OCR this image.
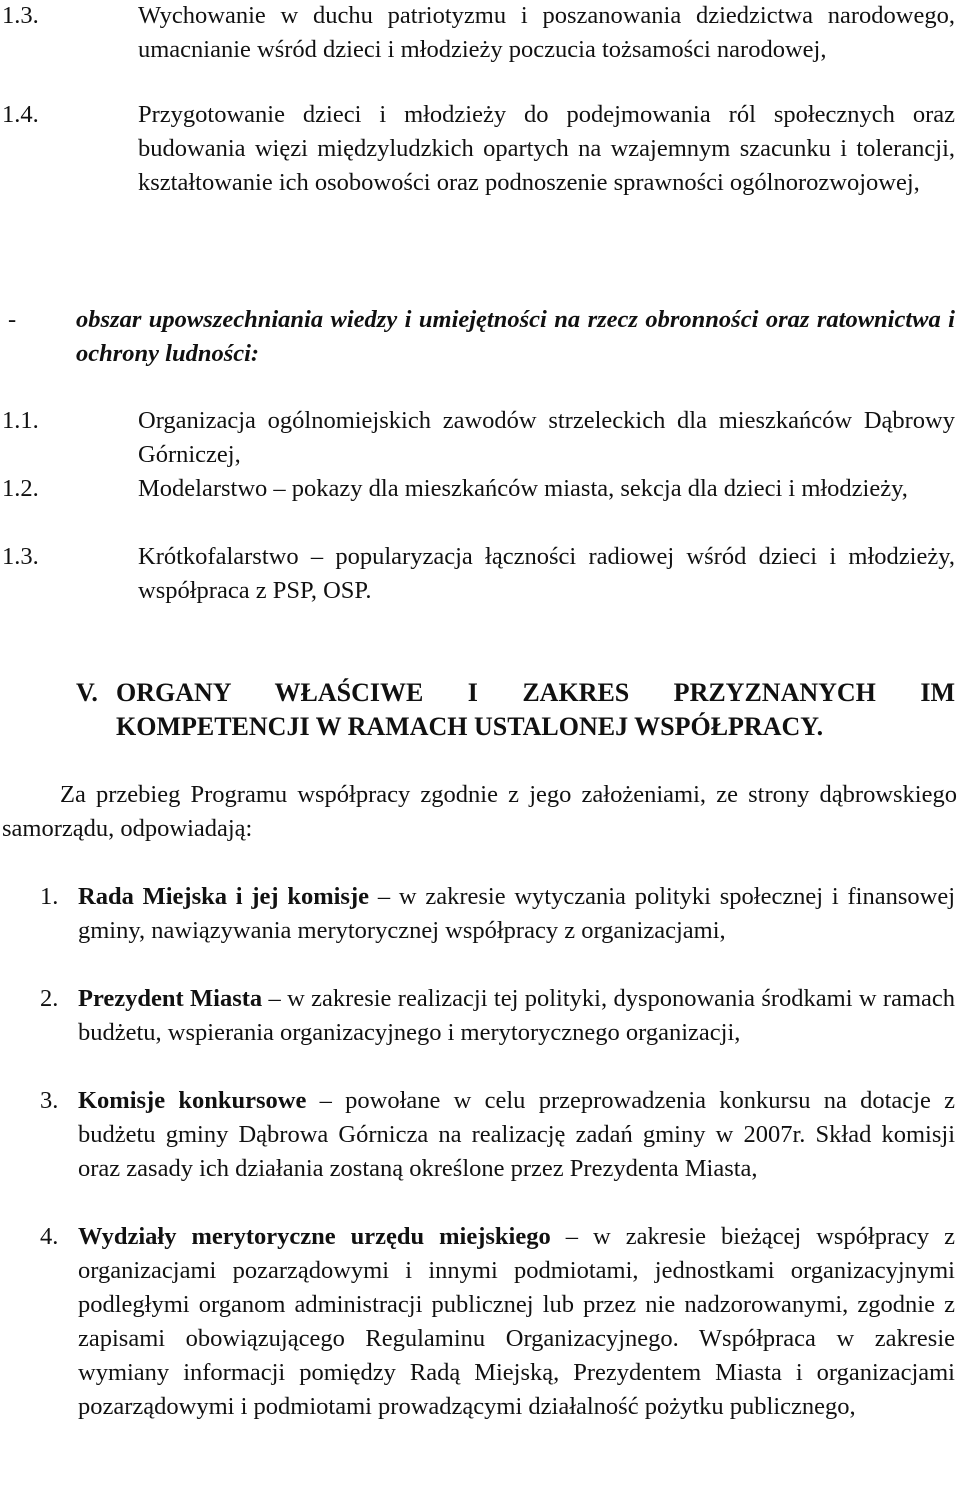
1.3.	Wychowanie w duchu patriotyzmu i poszanowania dziedzictwa narodowego, umacnianie wśród dzieci i młodzieży poczucia tożsamości narodowej,
1.4.	Przygotowanie dzieci i młodzieży do podejmowania ról społecznych oraz budowania więzi międzyludzkich opartych na wzajemnym szacunku i tolerancji, kształtowanie ich osobowości oraz podnoszenie sprawności ogólnorozwojowej,
- obszar upowszechniania wiedzy i umiejętności na rzecz obronności oraz ratownictwa i ochrony ludności:
1.1.	Organizacja ogólnomiejskich zawodów strzeleckich dla mieszkańców Dąbrowy Górniczej,
1.2.	Modelarstwo – pokazy dla mieszkańców miasta, sekcja dla dzieci i młodzieży,
1.3.	Krótkofalarstwo – popularyzacja łączności radiowej wśród dzieci i młodzieży, współpraca z PSP, OSP.
V. ORGANY WŁAŚCIWE I ZAKRES PRZYZNANYCH IM KOMPETENCJI W RAMACH USTALONEJ WSPÓŁPRACY.
Za przebieg Programu współpracy zgodnie z jego założeniami, ze strony dąbrowskiego samorządu, odpowiadają:
1. Rada Miejska i jej komisje – w zakresie wytyczania polityki społecznej i finansowej gminy, nawiązywania merytorycznej współpracy z organizacjami,
2. Prezydent Miasta – w zakresie realizacji tej polityki, dysponowania środkami w ramach budżetu, wspierania organizacyjnego i merytorycznego organizacji,
3. Komisje konkursowe – powołane w celu przeprowadzenia konkursu na dotacje z budżetu gminy Dąbrowa Górnicza na realizację zadań gminy w 2007r. Skład komisji oraz zasady ich działania zostaną określone przez Prezydenta Miasta,
4. Wydziały merytoryczne urzędu miejskiego – w zakresie bieżącej współpracy z organizacjami pozarządowymi i innymi podmiotami, jednostkami organizacyjnymi podległymi organom administracji publicznej lub przez nie nadzorowanymi, zgodnie z zapisami obowiązującego Regulaminu Organizacyjnego. Współpraca w zakresie wymiany informacji pomiędzy Radą Miejską, Prezydentem Miasta i organizacjami pozarządowymi i podmiotami prowadzącymi działalność pożytku publicznego,
